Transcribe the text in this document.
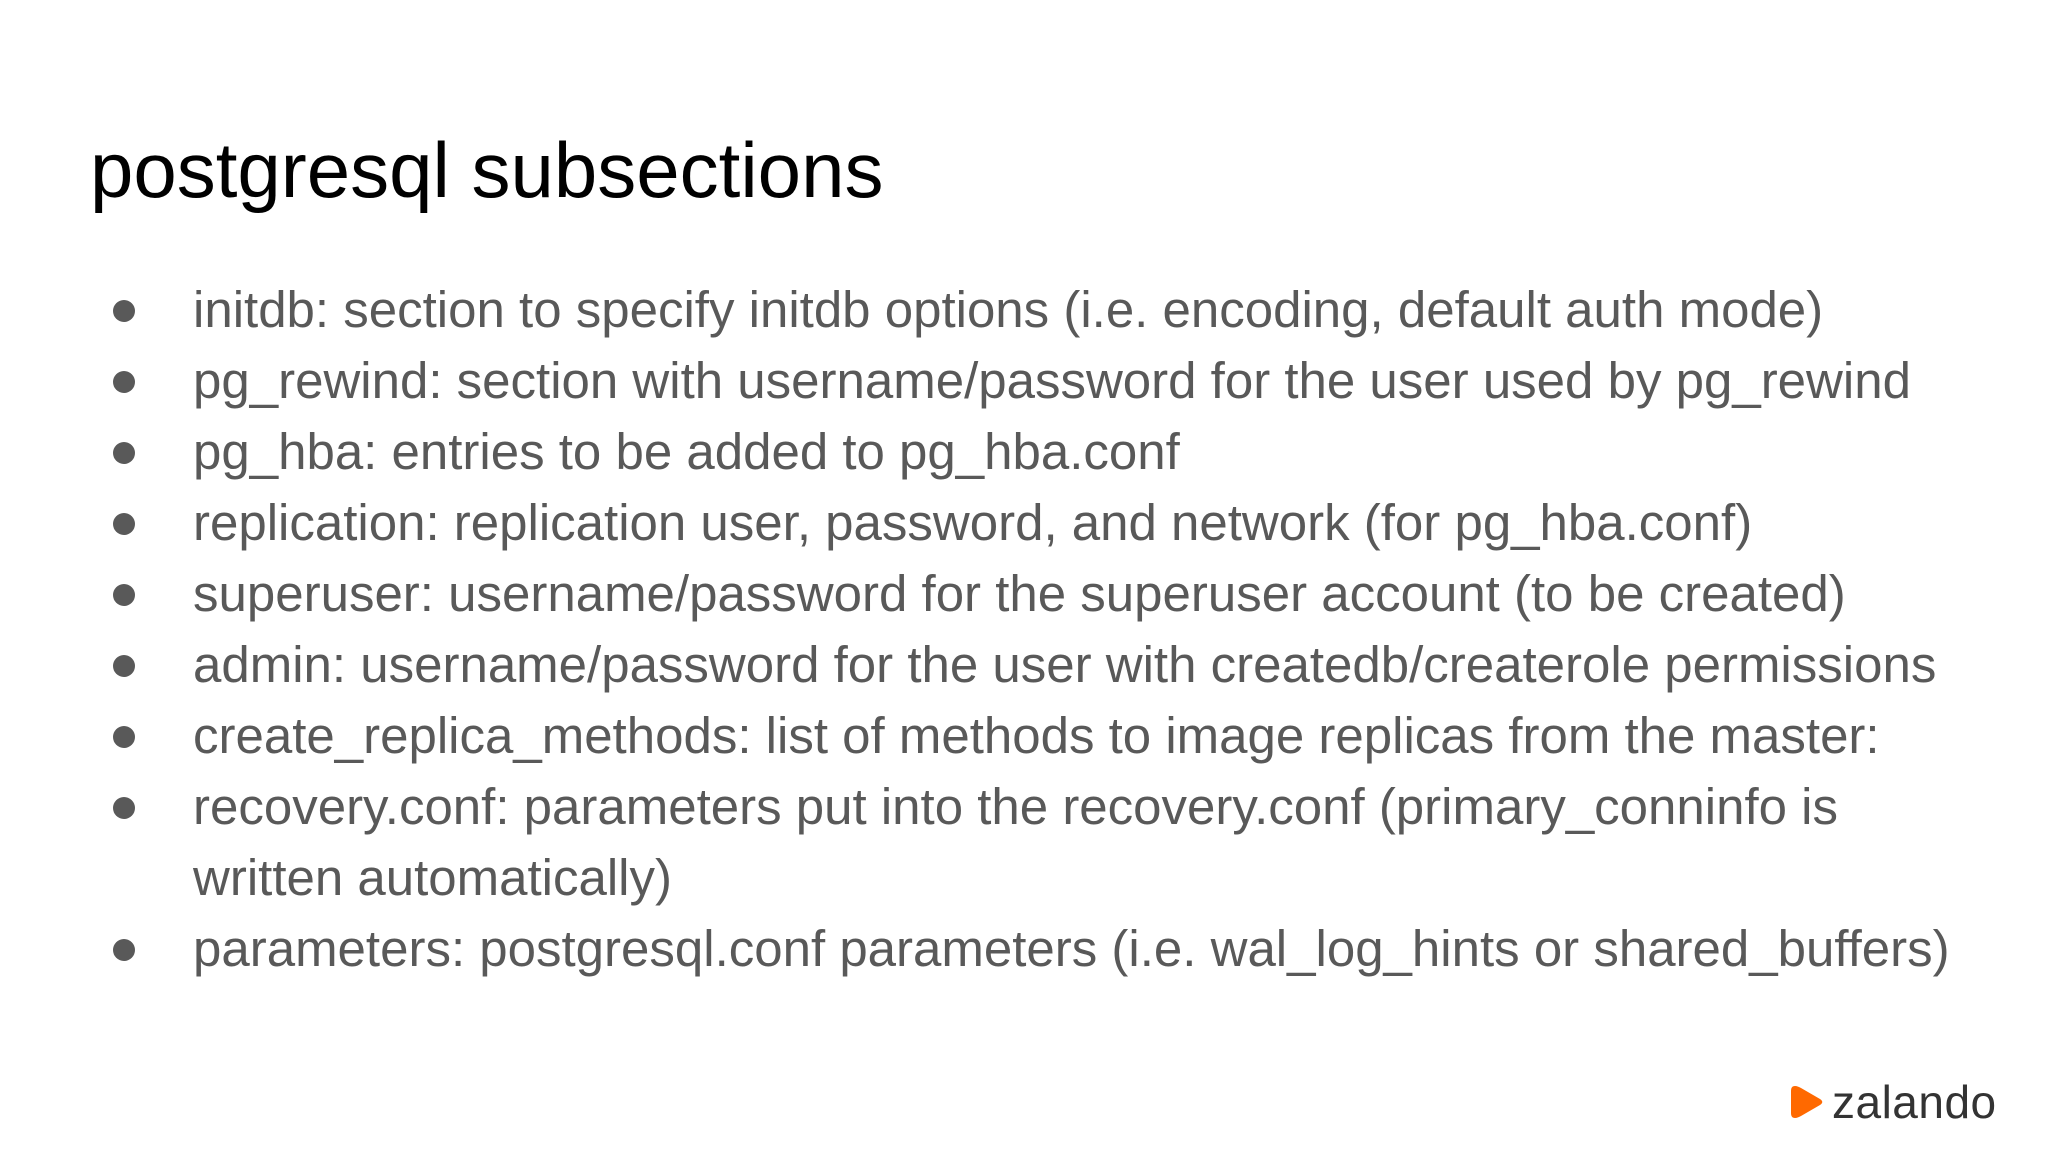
postgresql subsections
initdb: section to specify initdb options (i.e. encoding, default auth mode)
pg_rewind: section with username/password for the user used by pg_rewind
pg_hba: entries to be added to pg_hba.conf
replication: replication user, password, and network (for pg_hba.conf)
superuser: username/password for the superuser account (to be created)
admin: username/password for the user with createdb/createrole permissions
create_replica_methods: list of methods to image replicas from the master:
recovery.conf: parameters put into the recovery.conf (primary_conninfo is written automatically)
parameters: postgresql.conf parameters (i.e. wal_log_hints or shared_buffers)
zalando
